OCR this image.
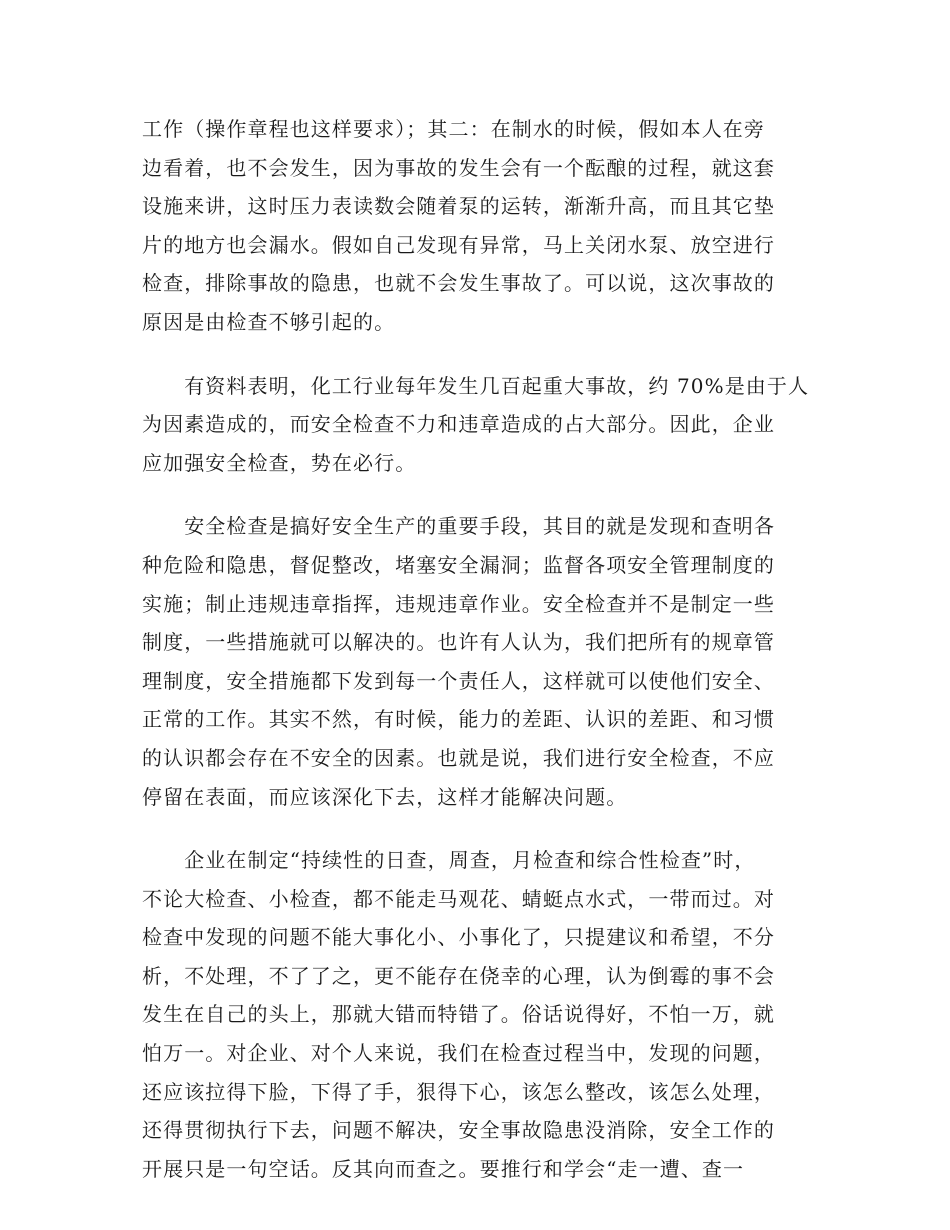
工作（操作章程也这样要求）；其二：在制水的时候，假如本人在旁
边看着，也不会发生，因为事故的发生会有一个酝酿的过程，就这套
设施来讲，这时压力表读数会随着泵的运转，渐渐升高，而且其它垫
片的地方也会漏水。假如自己发现有异常，马上关闭水泵、放空进行
检查，排除事故的隐患，也就不会发生事故了。可以说，这次事故的
原因是由检查不够引起的。

　　有资料表明，化工行业每年发生几百起重大事故，约 70%是由于人
为因素造成的，而安全检查不力和违章造成的占大部分。因此，企业
应加强安全检查，势在必行。

　　安全检查是搞好安全生产的重要手段，其目的就是发现和查明各
种危险和隐患，督促整改，堵塞安全漏洞；监督各项安全管理制度的
实施；制止违规违章指挥，违规违章作业。安全检查并不是制定一些
制度，一些措施就可以解决的。也许有人认为，我们把所有的规章管
理制度，安全措施都下发到每一个责任人，这样就可以使他们安全、
正常的工作。其实不然，有时候，能力的差距、认识的差距、和习惯
的认识都会存在不安全的因素。也就是说，我们进行安全检查，不应
停留在表面，而应该深化下去，这样才能解决问题。

　　企业在制定“持续性的日查，周查，月检查和综合性检查”时，
不论大检查、小检查，都不能走马观花、蜻蜓点水式，一带而过。对
检查中发现的问题不能大事化小、小事化了，只提建议和希望，不分
析，不处理，不了了之，更不能存在侥幸的心理，认为倒霉的事不会
发生在自己的头上，那就大错而特错了。俗话说得好，不怕一万，就
怕万一。对企业、对个人来说，我们在检查过程当中，发现的问题，
还应该拉得下脸，下得了手，狠得下心，该怎么整改，该怎么处理，
还得贯彻执行下去，问题不解决，安全事故隐患没消除，安全工作的
开展只是一句空话。反其向而查之。要推行和学会“走一遭、查一
